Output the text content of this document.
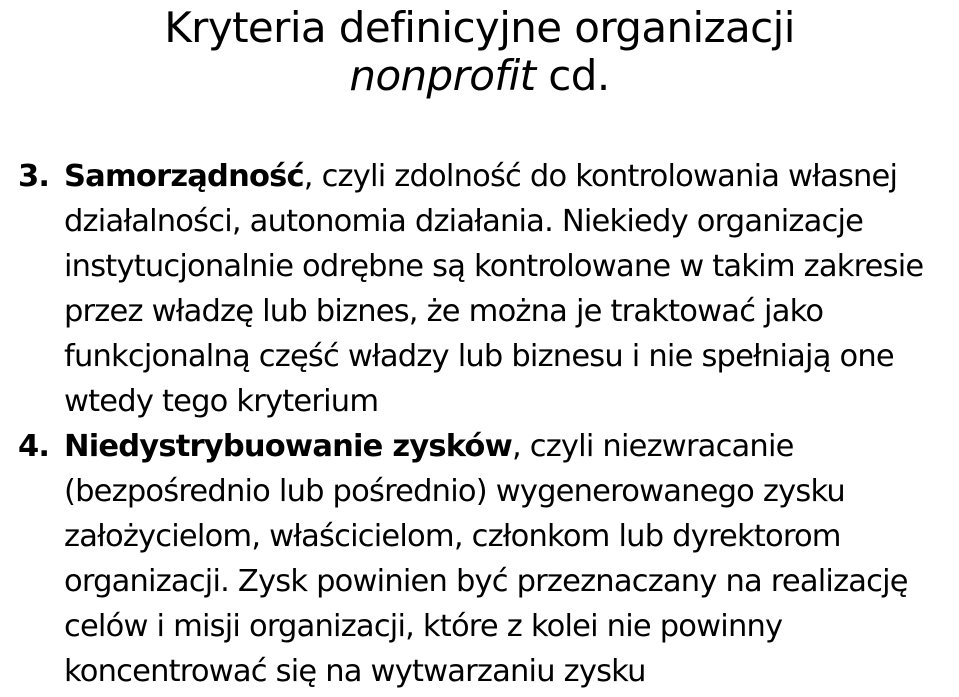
Kryteria definicyjne organizacji
nonprofit cd.
3. Samorządność, czyli zdolność do kontrolowania własnej działalności, autonomia działania. Niekiedy organizacje instytucjonalnie odrębne są kontrolowane w takim zakresie przez władzę lub biznes, że można je traktować jako funkcjonalną część władzy lub biznesu i nie spełniają one wtedy tego kryterium
4. Niedystrybuowanie zysków, czyli niezwracanie (bezpośrednio lub pośrednio) wygenerowanego zysku założycielom, właścicielom, członkom lub dyrektorom organizacji. Zysk powinien być przeznaczany na realizację celów i misji organizacji, które z kolei nie powinny koncentrować się na wytwarzaniu zysku
